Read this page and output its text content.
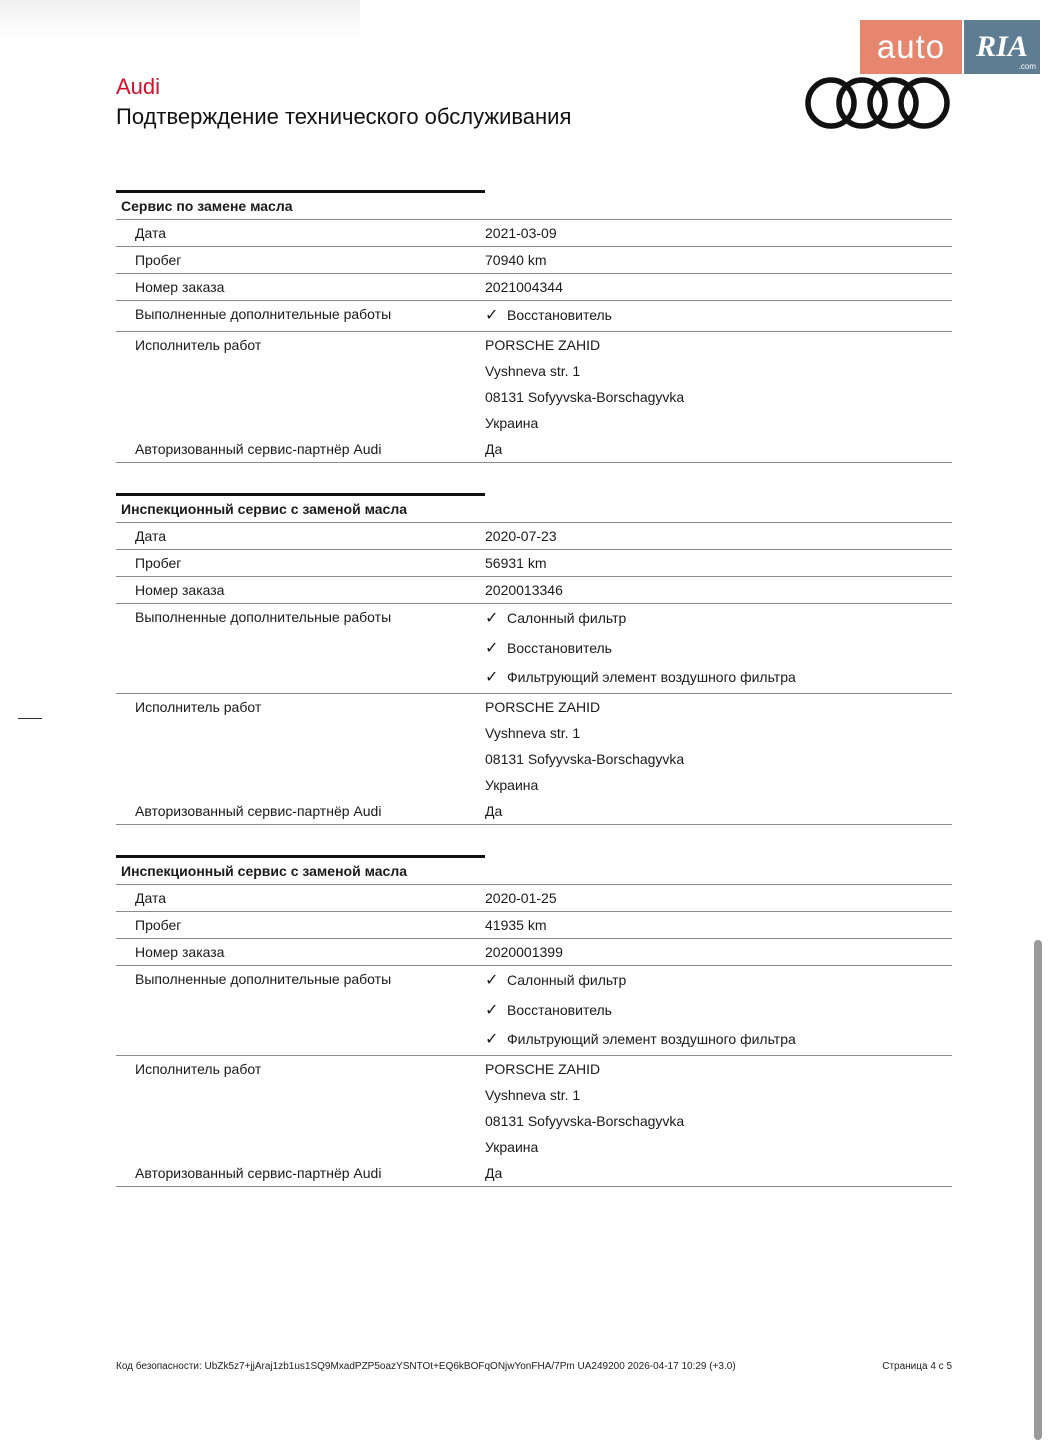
auto	RIA
.com
Audi
Подтверждение технического обслуживания
Сервис по замене масла
Дата	2021-03-09
Пробег	70940 km
Номер заказа	2021004344
Выполненные дополнительные работы	✓ Восстановитель
Исполнитель работ	PORSCHE ZAHID
Vyshneva str. 1
08131 Sofyyvska-Borschagyvka
Украина
Авторизованный сервис-партнёр Audi	Да
Инспекционный сервис с заменой масла
Дата	2020-07-23
Пробег	56931 km
Номер заказа	2020013346
Выполненные дополнительные работы	✓ Салонный фильтр
✓ Восстановитель
✓ Фильтрующий элемент воздушного фильтра
Исполнитель работ	PORSCHE ZAHID
Vyshneva str. 1
08131 Sofyyvska-Borschagyvka
Украина
Авторизованный сервис-партнёр Audi	Да
Инспекционный сервис с заменой масла
Дата	2020-01-25
Пробег	41935 km
Номер заказа	2020001399
Выполненные дополнительные работы	✓ Салонный фильтр
✓ Восстановитель
✓ Фильтрующий элемент воздушного фильтра
Исполнитель работ	PORSCHE ZAHID
Vyshneva str. 1
08131 Sofyyvska-Borschagyvka
Украина
Авторизованный сервис-партнёр Audi	Да
Код безопасности: UbZk5z7+jjAraj1zb1us1SQ9MxadPZP5oazYSNTOt+EQ6kBOFqONjwYonFHA/7Pm UA249200 2026-04-17 10:29 (+3.0)	Страница 4 с 5
